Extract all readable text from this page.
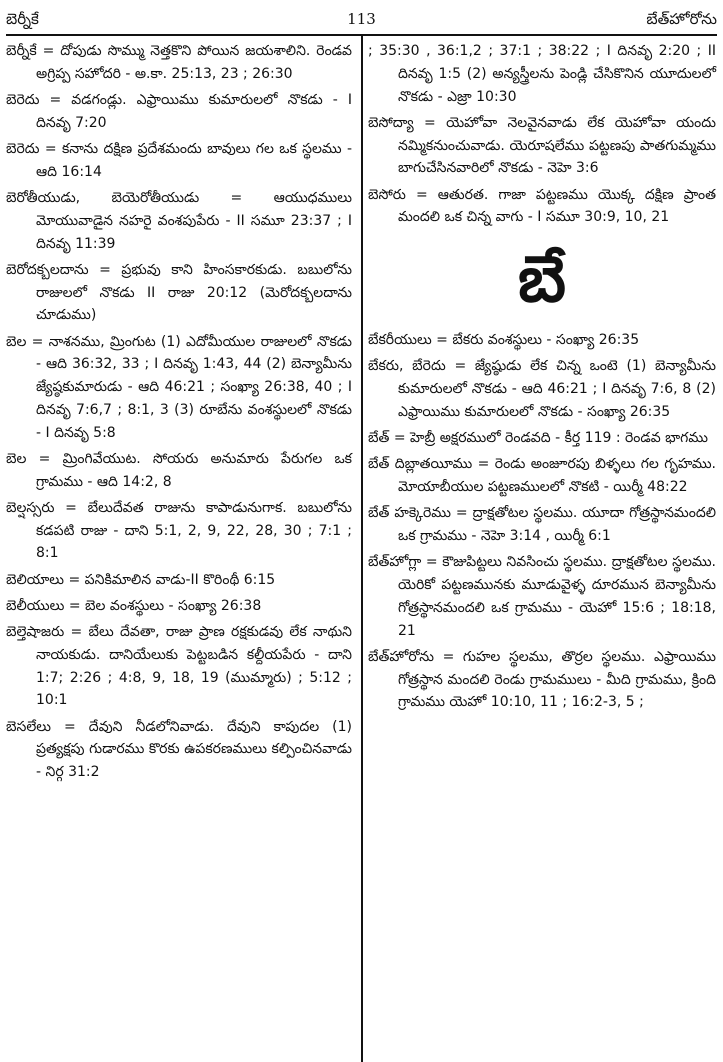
బెర్నీకే	113	బేత్‌హోరోను

బెర్నీకే = దోపుడు సొమ్ము నెత్తకొని పోయిన జయశాలిని. రెండవ అగ్రిప్ప సహోదరి - అ.కా. 25:13, 23 ; 26:30

బెరెదు = వడగండ్లు. ఎఫ్రాయిము కుమారులలో నొకడు - I దినవృ 7:20

బెరెదు = కనాను దక్షిణ ప్రదేశమందు బావులు గల ఒక స్థలము - ఆది 16:14

బెరోతీయుడు, బెయెరోతీయుడు = ఆయుధములు మోయువాడైన నహరై వంశపుపేరు - II సమూ 23:37 ; I దినవృ 11:39

బెరోదక్బలదాను = ప్రభువు కాని హింసకారకుడు. బబులోను రాజులలో నొకడు II రాజు 20:12 (మెరోదక్బలదాను చూడుము)

బెల = నాశనము, మ్రింగుట (1) ఎదోమీయుల రాజులలో నొకడు - ఆది 36:32, 33 ; I దినవృ 1:43, 44 (2) బెన్యామీను జ్యేష్ఠకుమారుడు - ఆది 46:21 ; సంఖ్యా 26:38, 40 ; I దినవృ 7:6,7 ; 8:1, 3 (3) రూబేను వంశస్థులలో నొకడు - I దినవృ 5:8

బెల = మ్రింగివేయుట. సోయరు అనుమారు పేరుగల ఒక గ్రామము - ఆది 14:2, 8

బెల్షస్సరు = బేలుదేవత రాజును కాపాడునుగాక. బబులోను కడపటి రాజు - దాని 5:1, 2, 9, 22, 28, 30 ; 7:1 ; 8:1

బెలియాలు = పనికిమాలిన వాడు-II కొరింథీ 6:15

బెలీయులు = బెల వంశస్థులు - సంఖ్యా 26:38

బెల్తెషాజరు = బేలు దేవతా, రాజు ప్రాణ రక్షకుడవు లేక నాథుని నాయకుడు. దానియేలుకు పెట్టబడిన కల్దీయపేరు - దాని 1:7; 2:26 ; 4:8, 9, 18, 19 (ముమ్మారు) ; 5:12 ; 10:1

బెసలేలు = దేవుని నీడలోనివాడు. దేవుని కాపుదల (1) ప్రత్యక్షపు గుడారము కొరకు ఉపకరణములు కల్పించినవాడు - నిర్గ 31:2

; 35:30 , 36:1,2 ; 37:1 ; 38:22 ; I దినవృ 2:20 ; II దినవృ 1:5 (2) అన్యస్త్రీలను పెండ్లి చేసికొనిన యూదులలో నొకడు - ఎజ్రా 10:30

బెసోద్యా = యెహోవా నెలవైనవాడు లేక యెహోవా యందు నమ్మికనుంచువాడు. యెరూషలేము పట్టణపు పాతగుమ్మము బాగుచేసినవారిలో నొకడు - నెహె 3:6

బెసోరు = ఆతురత. గాజా పట్టణము యొక్క దక్షిణ ప్రాంత మందలి ఒక చిన్న వాగు - I సమూ 30:9, 10, 21

బే

బేకరీయులు = బేకరు వంశస్థులు - సంఖ్యా 26:35

బేకరు, బేరెదు = జ్యేష్ఠుడు లేక చిన్న ఒంటె (1) బెన్యామీను కుమారులలో నొకడు - ఆది 46:21 ; I దినవృ 7:6, 8 (2) ఎఫ్రాయిము కుమారులలో నొకడు - సంఖ్యా 26:35

బేత్ = హెబ్రీ అక్షరములో రెండవది - కీర్త 119 : రెండవ భాగము

బేత్ దిబ్లాతయీము = రెండు అంజూరపు బిళ్ళలు గల గృహము. మోయాబీయుల పట్టణములలో నొకటి - యిర్మీ 48:22

బేత్ హక్కెరెము = ద్రాక్షతోటల స్థలము. యూదా గోత్రస్థానమందలి ఒక గ్రామము - నెహె 3:14 , యిర్మీ 6:1

బేత్‌హోగ్లా = కౌజుపిట్టలు నివసించు స్థలము. ద్రాక్షతోటల స్థలము. యెరికో పట్టణమునకు మూడువైళ్ళ దూరమున బెన్యామీను గోత్రస్థానమందలి ఒక గ్రామము - యెహో 15:6 ; 18:18, 21

బేత్‌హోరోను = గుహల స్థలము, తొర్రల స్థలము. ఎఫ్రాయిము గోత్రస్థాన మందలి రెండు గ్రామములు - మీది గ్రామము, క్రింది గ్రామము యెహో 10:10, 11 ; 16:2-3, 5 ;
